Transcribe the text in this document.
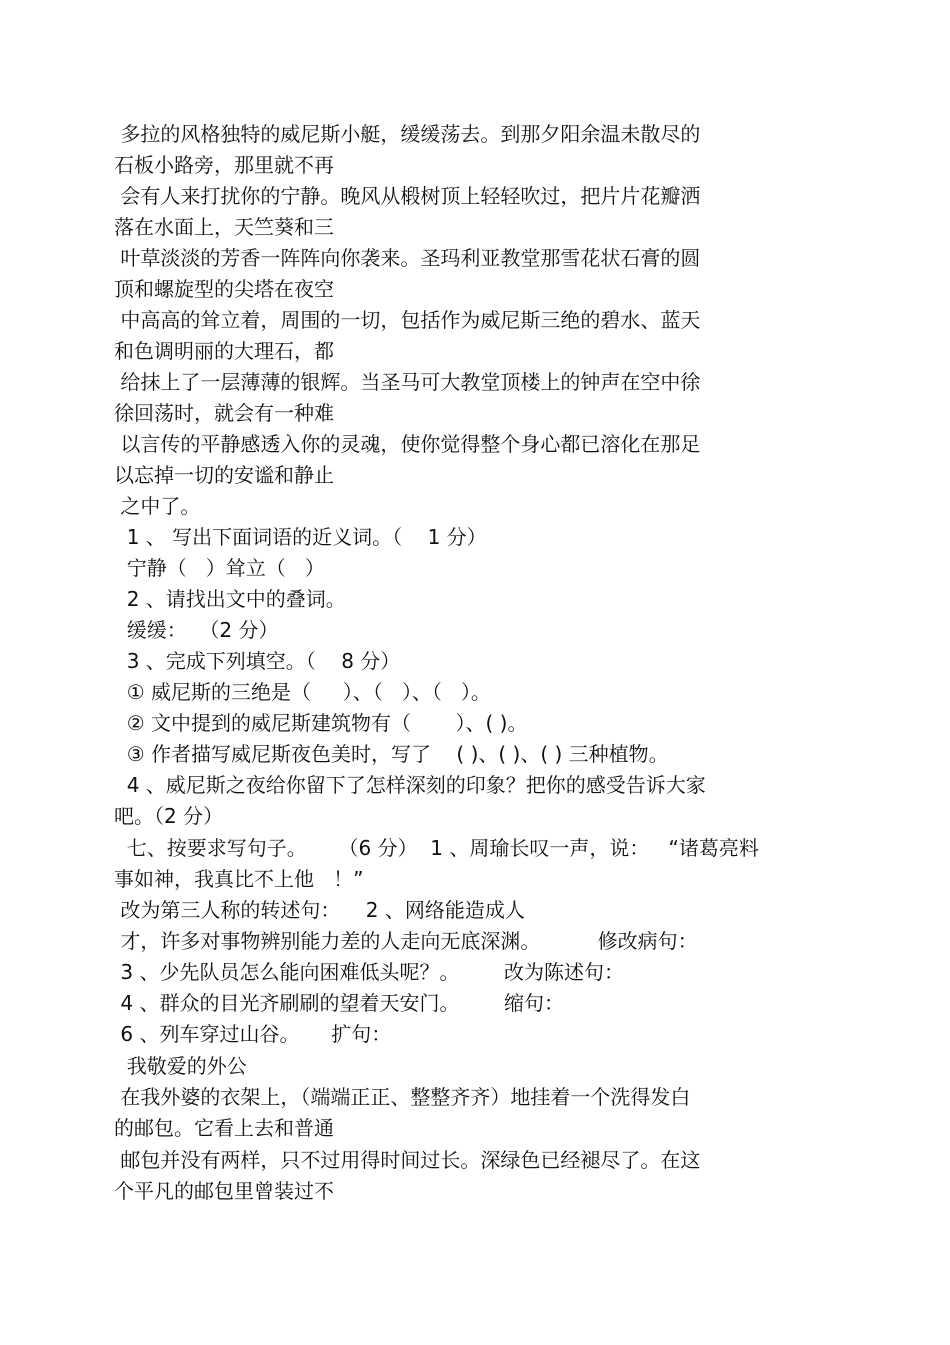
多拉的风格独特的威尼斯小艇，缓缓荡去。到那夕阳余温未散尽的
石板小路旁，那里就不再
会有人来打扰你的宁静。晚风从椴树顶上轻轻吹过，把片片花瓣洒
落在水面上，天竺葵和三
叶草淡淡的芳香一阵阵向你袭来。圣玛利亚教堂那雪花状石膏的圆
顶和螺旋型的尖塔在夜空
中高高的耸立着，周围的一切，包括作为威尼斯三绝的碧水、蓝天
和色调明丽的大理石，都
给抹上了一层薄薄的银辉。当圣马可大教堂顶楼上的钟声在空中徐
徐回荡时，就会有一种难
以言传的平静感透入你的灵魂，使你觉得整个身心都已溶化在那足
以忘掉一切的安谧和静止
之中了。
1 、 写出下面词语的近义词。（    1 分）
宁静（   ）耸立（   ）
2 、请找出文中的叠词。
缓缓：  （2 分）
3 、完成下列填空。（    8 分）
① 威尼斯的三绝是（     ）、（   ）、（   ）。
② 文中提到的威尼斯建筑物有（       ）、( )。
③ 作者描写威尼斯夜色美时，写了    ( )、( )、( ) 三种植物。
4 、威尼斯之夜给你留下了怎样深刻的印象？把你的感受告诉大家
吧。（2 分）
七、按要求写句子。     （6 分）  1 、周瑜长叹一声，说：   “诸葛亮料
事如神，我真比不上他   ！”
改为第三人称的转述句：    2 、网络能造成人
才，许多对事物辨别能力差的人走向无底深渊。         修改病句：
3 、少先队员怎么能向困难低头呢？。       改为陈述句：
4 、群众的目光齐刷刷的望着天安门。       缩句：
6 、列车穿过山谷。     扩句：
我敬爱的外公
在我外婆的衣架上，（端端正正、整整齐齐）地挂着一个洗得发白
的邮包。它看上去和普通
邮包并没有两样，只不过用得时间过长。深绿色已经褪尽了。在这
个平凡的邮包里曾装过不
